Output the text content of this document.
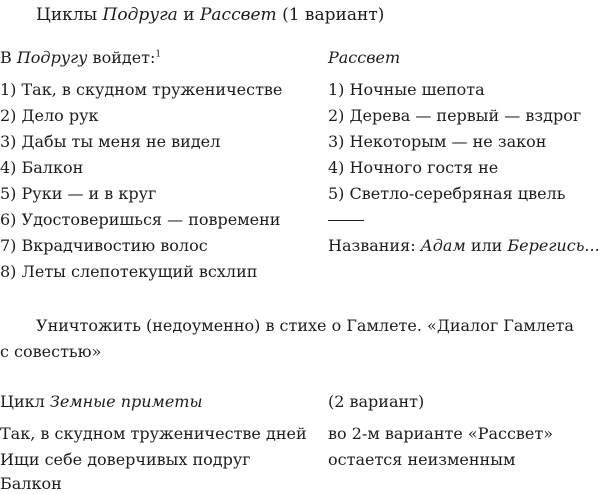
Циклы Подруга и Рассвет (1 вариант)
В Подругу войдет:$^1$	Рассвет
1) Так, в скудном труженичестве
2) Дело рук
3) Дабы ты меня не видел
4) Балкон
5) Руки — и в круг
6) Удостоверишься — повремени
7) Вкрадчивостию волос
8) Леты слепотекущий всхлип
1) Ночные шепота
2) Дерева — первый — вздрог
3) Некоторым — не закон
4) Ночного гостя не
5) Светло-серебряная цвель
Названия: Адам или Берегись...
Уничтожить (недоуменно) в стихе о Гамлете. «Диалог Гамлета
с совестью»
Цикл Земные приметы	(2 вариант)
Так, в скудном труженичестве дней
Ищи себе доверчивых подруг
Балкон
во 2-м варианте «Рассвет»
остается неизменным
